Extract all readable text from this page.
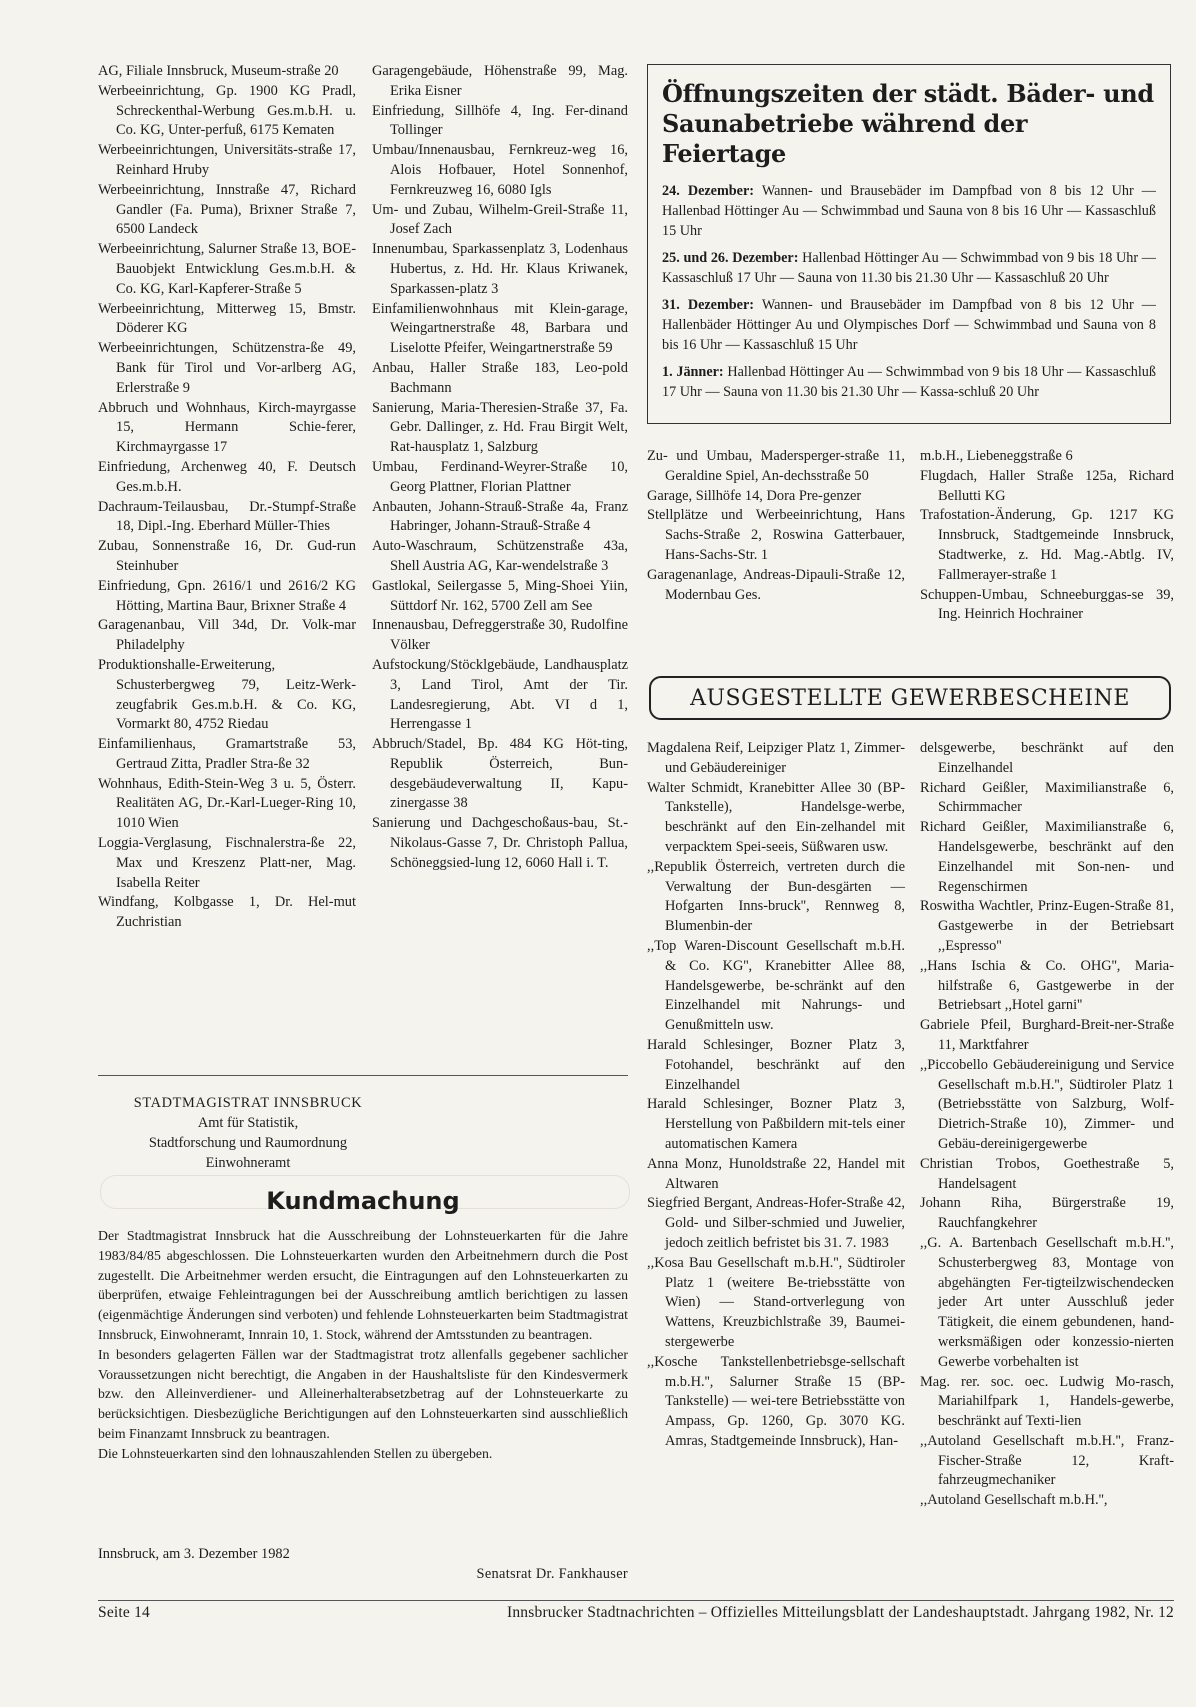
AG, Filiale Innsbruck, Museum-straße 20

Werbeeinrichtung, Gp. 1900 KG Pradl, Schreckenthal-Werbung Ges.m.b.H. u. Co. KG, Unter-perfuß, 6175 Kematen

Werbeeinrichtungen, Universitäts-straße 17, Reinhard Hruby

Werbeeinrichtung, Innstraße 47, Richard Gandler (Fa. Puma), Brixner Straße 7, 6500 Landeck

Werbeeinrichtung, Salurner Straße 13, BOE-Bauobjekt Entwicklung Ges.m.b.H. & Co. KG, Karl-Kapferer-Straße 5

Werbeeinrichtung, Mitterweg 15, Bmstr. Döderer KG

Werbeeinrichtungen, Schützenstra-ße 49, Bank für Tirol und Vor-arlberg AG, Erlerstraße 9

Abbruch und Wohnhaus, Kirch-mayrgasse 15, Hermann Schie-ferer, Kirchmayrgasse 17

Einfriedung, Archenweg 40, F. Deutsch Ges.m.b.H.

Dachraum-Teilausbau, Dr.-Stumpf-Straße 18, Dipl.-Ing. Eberhard Müller-Thies

Zubau, Sonnenstraße 16, Dr. Gud-run Steinhuber

Einfriedung, Gpn. 2616/1 und 2616/2 KG Hötting, Martina Baur, Brixner Straße 4

Garagenanbau, Vill 34d, Dr. Volk-mar Philadelphy

Produktionshalle-Erweiterung, Schusterbergweg 79, Leitz-Werk-zeugfabrik Ges.m.b.H. & Co. KG, Vormarkt 80, 4752 Riedau

Einfamilienhaus, Gramartstraße 53, Gertraud Zitta, Pradler Stra-ße 32

Wohnhaus, Edith-Stein-Weg 3 u. 5, Österr. Realitäten AG, Dr.-Karl-Lueger-Ring 10, 1010 Wien

Loggia-Verglasung, Fischnalerstra-ße 22, Max und Kreszenz Platt-ner, Mag. Isabella Reiter

Windfang, Kolbgasse 1, Dr. Hel-mut Zuchristian

Garagengebäude, Höhenstraße 99, Mag. Erika Eisner

Einfriedung, Sillhöfe 4, Ing. Fer-dinand Tollinger

Umbau/Innenausbau, Fernkreuz-weg 16, Alois Hofbauer, Hotel Sonnenhof, Fernkreuzweg 16, 6080 Igls

Um- und Zubau, Wilhelm-Greil-Straße 11, Josef Zach

Innenumbau, Sparkassenplatz 3, Lodenhaus Hubertus, z. Hd. Hr. Klaus Kriwanek, Sparkassen-platz 3

Einfamilienwohnhaus mit Klein-garage, Weingartnerstraße 48, Barbara und Liselotte Pfeifer, Weingartnerstraße 59

Anbau, Haller Straße 183, Leo-pold Bachmann

Sanierung, Maria-Theresien-Straße 37, Fa. Gebr. Dallinger, z. Hd. Frau Birgit Welt, Rat-hausplatz 1, Salzburg

Umbau, Ferdinand-Weyrer-Straße 10, Georg Plattner, Florian Plattner

Anbauten, Johann-Strauß-Straße 4a, Franz Habringer, Johann-Strauß-Straße 4

Auto-Waschraum, Schützenstraße 43a, Shell Austria AG, Kar-wendelstraße 3

Gastlokal, Seilergasse 5, Ming-Shoei Yiin, Süttdorf Nr. 162, 5700 Zell am See

Innenausbau, Defreggerstraße 30, Rudolfine Völker

Aufstockung/Stöcklgebäude, Landhausplatz 3, Land Tirol, Amt der Tir. Landesregierung, Abt. VI d 1, Herrengasse 1

Abbruch/Stadel, Bp. 484 KG Höt-ting, Republik Österreich, Bun-desgebäudeverwaltung II, Kapu-zinergasse 38

Sanierung und Dachgeschoßaus-bau, St.-Nikolaus-Gasse 7, Dr. Christoph Pallua, Schöneggsied-lung 12, 6060 Hall i. T.

Öffnungszeiten der städt. Bäder- und Saunabetriebe während der Feiertage

24. Dezember: Wannen- und Brausebäder im Dampfbad von 8 bis 12 Uhr — Hallenbad Höttinger Au — Schwimmbad und Sauna von 8 bis 16 Uhr — Kassaschluß 15 Uhr

25. und 26. Dezember: Hallenbad Höttinger Au — Schwimmbad von 9 bis 18 Uhr — Kassaschluß 17 Uhr — Sauna von 11.30 bis 21.30 Uhr — Kassaschluß 20 Uhr

31. Dezember: Wannen- und Brausebäder im Dampfbad von 8 bis 12 Uhr — Hallenbäder Höttinger Au und Olympisches Dorf — Schwimmbad und Sauna von 8 bis 16 Uhr — Kassaschluß 15 Uhr

1. Jänner: Hallenbad Höttinger Au — Schwimmbad von 9 bis 18 Uhr — Kassaschluß 17 Uhr — Sauna von 11.30 bis 21.30 Uhr — Kassa-schluß 20 Uhr

Zu- und Umbau, Madersperger-straße 11, Geraldine Spiel, An-dechsstraße 50

Garage, Sillhöfe 14, Dora Pre-genzer

Stellplätze und Werbeeinrichtung, Hans Sachs-Straße 2, Roswina Gatterbauer, Hans-Sachs-Str. 1

Garagenanlage, Andreas-Dipauli-Straße 12, Modernbau Ges.

m.b.H., Liebeneggstraße 6

Flugdach, Haller Straße 125a, Richard Bellutti KG

Trafostation-Änderung, Gp. 1217 KG Innsbruck, Stadtgemeinde Innsbruck, Stadtwerke, z. Hd. Mag.-Abtlg. IV, Fallmerayer-straße 1

Schuppen-Umbau, Schneeburggas-se 39, Ing. Heinrich Hochrainer

AUSGESTELLTE GEWERBESCHEINE

Magdalena Reif, Leipziger Platz 1, Zimmer- und Gebäudereiniger

Walter Schmidt, Kranebitter Allee 30 (BP-Tankstelle), Handelsge-werbe, beschränkt auf den Ein-zelhandel mit verpacktem Spei-seeis, Süßwaren usw.

,,Republik Österreich, vertreten durch die Verwaltung der Bun-desgärten — Hofgarten Inns-bruck'', Rennweg 8, Blumenbin-der

,,Top Waren-Discount Gesellschaft m.b.H. & Co. KG'', Kranebitter Allee 88, Handelsgewerbe, be-schränkt auf den Einzelhandel mit Nahrungs- und Genußmitteln usw.

Harald Schlesinger, Bozner Platz 3, Fotohandel, beschränkt auf den Einzelhandel

Harald Schlesinger, Bozner Platz 3, Herstellung von Paßbildern mit-tels einer automatischen Kamera

Anna Monz, Hunoldstraße 22, Handel mit Altwaren

Siegfried Bergant, Andreas-Hofer-Straße 42, Gold- und Silber-schmied und Juwelier, jedoch zeitlich befristet bis 31. 7. 1983

,,Kosa Bau Gesellschaft m.b.H.'', Südtiroler Platz 1 (weitere Be-triebsstätte von Wien) — Stand-ortverlegung von Wattens, Kreuzbichlstraße 39, Baumei-stergewerbe

,,Kosche Tankstellenbetriebsge-sellschaft m.b.H.'', Salurner Straße 15 (BP-Tankstelle) — wei-tere Betriebsstätte von Ampass, Gp. 1260, Gp. 3070 KG. Amras, Stadtgemeinde Innsbruck), Han-

delsgewerbe, beschränkt auf den Einzelhandel

Richard Geißler, Maximilianstraße 6, Schirmmacher

Richard Geißler, Maximilianstraße 6, Handelsgewerbe, beschränkt auf den Einzelhandel mit Son-nen- und Regenschirmen

Roswitha Wachtler, Prinz-Eugen-Straße 81, Gastgewerbe in der Betriebsart ,,Espresso''

,,Hans Ischia & Co. OHG'', Maria-hilfstraße 6, Gastgewerbe in der Betriebsart ,,Hotel garni''

Gabriele Pfeil, Burghard-Breit-ner-Straße 11, Marktfahrer

,,Piccobello Gebäudereinigung und Service Gesellschaft m.b.H.'', Südtiroler Platz 1 (Betriebsstätte von Salzburg, Wolf-Dietrich-Straße 10), Zimmer- und Gebäu-dereinigergewerbe

Christian Trobos, Goethestraße 5, Handelsagent

Johann Riha, Bürgerstraße 19, Rauchfangkehrer

,,G. A. Bartenbach Gesellschaft m.b.H.'', Schusterbergweg 83, Montage von abgehängten Fer-tigteilzwischendecken jeder Art unter Ausschluß jeder Tätigkeit, die einem gebundenen, hand-werksmäßigen oder konzessio-nierten Gewerbe vorbehalten ist

Mag. rer. soc. oec. Ludwig Mo-rasch, Mariahilfpark 1, Handels-gewerbe, beschränkt auf Texti-lien

,,Autoland Gesellschaft m.b.H.'', Franz-Fischer-Straße 12, Kraft-fahrzeugmechaniker

,,Autoland Gesellschaft m.b.H.'',

STADTMAGISTRAT INNSBRUCK
Amt für Statistik,
Stadtforschung und Raumordnung
Einwohneramt
Kundmachung

Der Stadtmagistrat Innsbruck hat die Ausschreibung der Lohnsteuerkarten für die Jahre 1983/84/85 abgeschlossen. Die Lohnsteuerkarten wurden den Arbeitnehmern durch die Post zugestellt. Die Arbeitnehmer werden ersucht, die Eintragungen auf den Lohnsteuerkarten zu überprüfen, etwaige Fehleintragungen bei der Ausschreibung amtlich berichtigen zu lassen (eigenmächtige Änderungen sind verboten) und fehlende Lohnsteuerkarten beim Stadtmagistrat Innsbruck, Einwohneramt, Innrain 10, 1. Stock, während der Amtsstunden zu beantragen.

In besonders gelagerten Fällen war der Stadtmagistrat trotz allenfalls gegebener sachlicher Voraussetzungen nicht berechtigt, die Angaben in der Haushaltsliste für den Kindesvermerk bzw. den Alleinverdiener- und Alleinerhalterabsetzbetrag auf der Lohnsteuerkarte zu berücksichtigen. Diesbezügliche Berichtigungen auf den Lohnsteuerkarten sind ausschließlich beim Finanzamt Innsbruck zu beantragen.

Die Lohnsteuerkarten sind den lohnauszahlenden Stellen zu übergeben.

Innsbruck, am 3. Dezember 1982
Senatsrat Dr. Fankhauser
Seite 14	Innsbrucker Stadtnachrichten – Offizielles Mitteilungsblatt der Landeshauptstadt. Jahrgang 1982, Nr. 12
